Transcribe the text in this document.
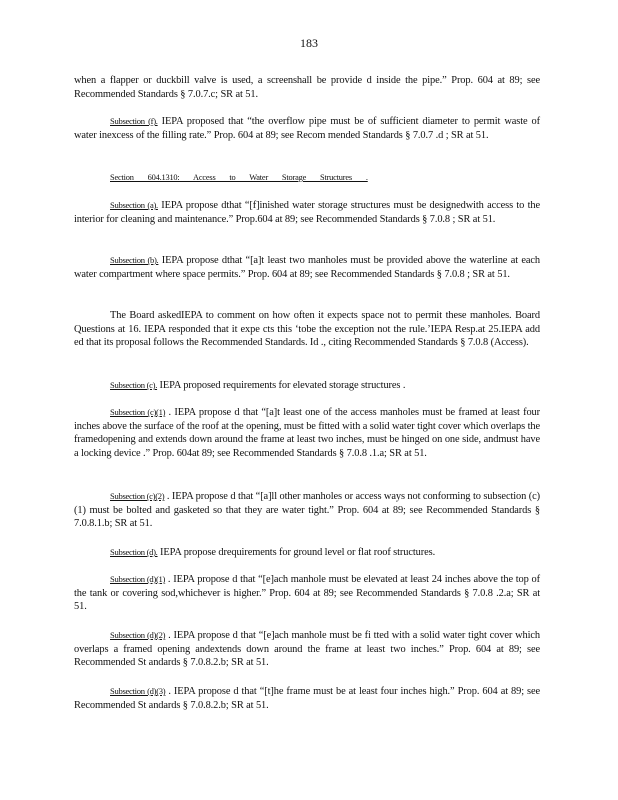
183
Section 604.1310: Access to Water Storage Structures .
when a flapper or duckbill valve is used, a screenshall be provide d inside the pipe.” Prop. 604 at 89; see Recommended Standards § 7.0.7.c; SR at 51.
Subsection (f). IEPA proposed that “the overflow pipe must be of sufficient diameter to permit waste of water inexcess of the filling rate.” Prop. 604 at 89; see Recom mended Standards § 7.0.7 .d ; SR at 51.
Subsection (a). IEPA propose dthat “[f]inished water storage structures must be designedwith access to the interior for cleaning and maintenance.” Prop.604 at 89; see Recommended Standards § 7.0.8 ; SR at 51.
Subsection (b). IEPA propose dthat “[a]t least two manholes must be provided above the waterline at each water compartment where space permits.” Prop. 604 at 89; see Recommended Standards § 7.0.8 ; SR at 51.
The Board askedIEPA to comment on how often it expects space not to permit these manholes. Board Questions at 16. IEPA responded that it expe cts this ‘tobe the exception not the rule.’IEPA Resp.at 25.IEPA add ed that its proposal follows the Recommended Standards. Id ., citing Recommended Standards § 7.0.8 (Access).
Subsection (c). IEPA proposed requirements for elevated storage structures .
Subsection (c)(1) . IEPA propose d that “[a]t least one of the access manholes must be framed at least four inches above the surface of the roof at the opening, must be fitted with a solid water tight cover which overlaps the framedopening and extends down around the frame at least two inches, must be hinged on one side, andmust have a locking device .” Prop. 604at 89; see Recommended Standards § 7.0.8 .1.a; SR at 51.
Subsection (c)(2) . IEPA propose d that “[a]ll other manholes or access ways not conforming to subsection (c)(1) must be bolted and gasketed so that they are water tight.” Prop. 604 at 89; see Recommended Standards § 7.0.8.1.b; SR at 51.
Subsection (d). IEPA propose drequirements for ground level or flat roof structures.
Subsection (d)(1) . IEPA propose d that “[e]ach manhole must be elevated at least 24 inches above the top of the tank or covering sod,whichever is higher.” Prop. 604 at 89; see Recommended Standards § 7.0.8 .2.a; SR at 51.
Subsection (d)(2) . IEPA propose d that “[e]ach manhole must be fi tted with a solid water tight cover which overlaps a framed opening andextends down around the frame at least two inches.” Prop. 604 at 89; see Recommended St andards § 7.0.8.2.b; SR at 51.
Subsection (d)(3) . IEPA propose d that “[t]he frame must be at least four inches high.” Prop. 604 at 89; see Recommended St andards § 7.0.8.2.b; SR at 51.
